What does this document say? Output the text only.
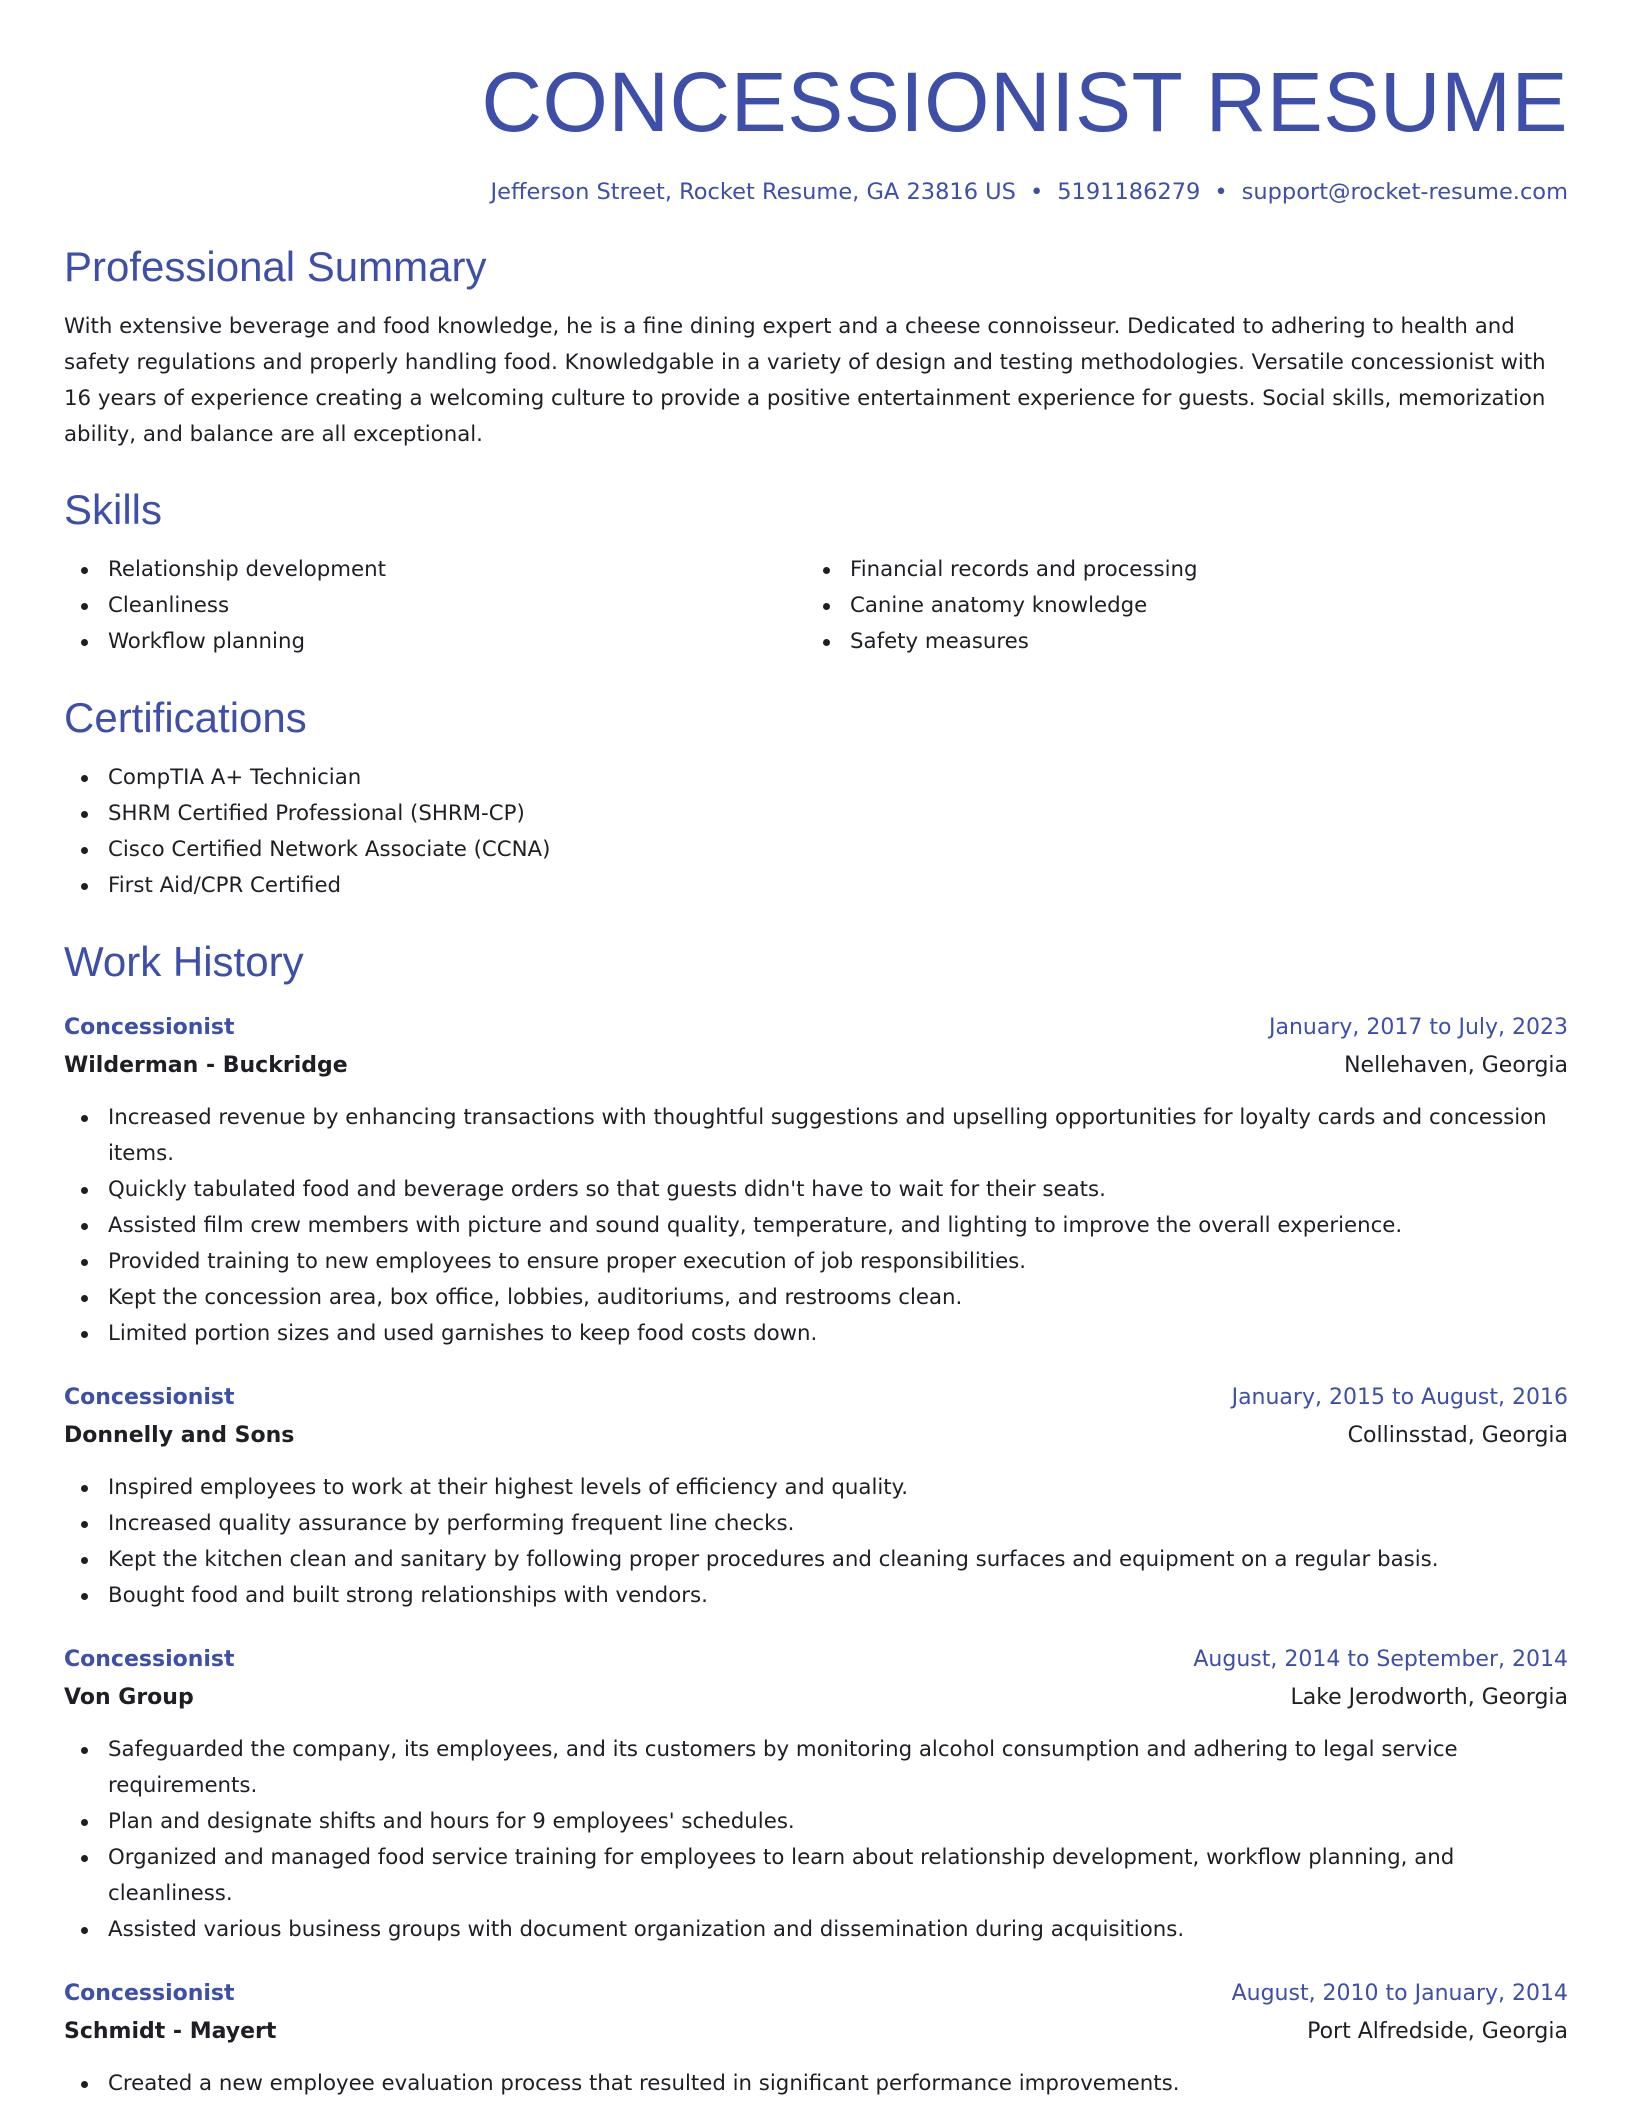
CONCESSIONIST RESUME
Jefferson Street, Rocket Resume, GA 23816 US • 5191186279 • support@rocket-resume.com
Professional Summary

With extensive beverage and food knowledge, he is a fine dining expert and a cheese connoisseur. Dedicated to adhering to health and safety regulations and properly handling food. Knowledgable in a variety of design and testing methodologies. Versatile concessionist with 16 years of experience creating a welcoming culture to provide a positive entertainment experience for guests. Social skills, memorization ability, and balance are all exceptional.

Skills
Relationship development
Cleanliness
Workflow planning
Financial records and processing
Canine anatomy knowledge
Safety measures
Certifications
CompTIA A+ Technician
SHRM Certified Professional (SHRM-CP)
Cisco Certified Network Associate (CCNA)
First Aid/CPR Certified
Work History
Concessionist	January, 2017 to July, 2023
Wilderman - Buckridge	Nellehaven, Georgia
Increased revenue by enhancing transactions with thoughtful suggestions and upselling opportunities for loyalty cards and concession items.
Quickly tabulated food and beverage orders so that guests didn't have to wait for their seats.
Assisted film crew members with picture and sound quality, temperature, and lighting to improve the overall experience.
Provided training to new employees to ensure proper execution of job responsibilities.
Kept the concession area, box office, lobbies, auditoriums, and restrooms clean.
Limited portion sizes and used garnishes to keep food costs down.
Concessionist	January, 2015 to August, 2016
Donnelly and Sons	Collinsstad, Georgia
Inspired employees to work at their highest levels of efficiency and quality.
Increased quality assurance by performing frequent line checks.
Kept the kitchen clean and sanitary by following proper procedures and cleaning surfaces and equipment on a regular basis.
Bought food and built strong relationships with vendors.
Concessionist	August, 2014 to September, 2014
Von Group	Lake Jerodworth, Georgia
Safeguarded the company, its employees, and its customers by monitoring alcohol consumption and adhering to legal service requirements.
Plan and designate shifts and hours for 9 employees' schedules.
Organized and managed food service training for employees to learn about relationship development, workflow planning, and cleanliness.
Assisted various business groups with document organization and dissemination during acquisitions.
Concessionist	August, 2010 to January, 2014
Schmidt - Mayert	Port Alfredside, Georgia
Created a new employee evaluation process that resulted in significant performance improvements.
